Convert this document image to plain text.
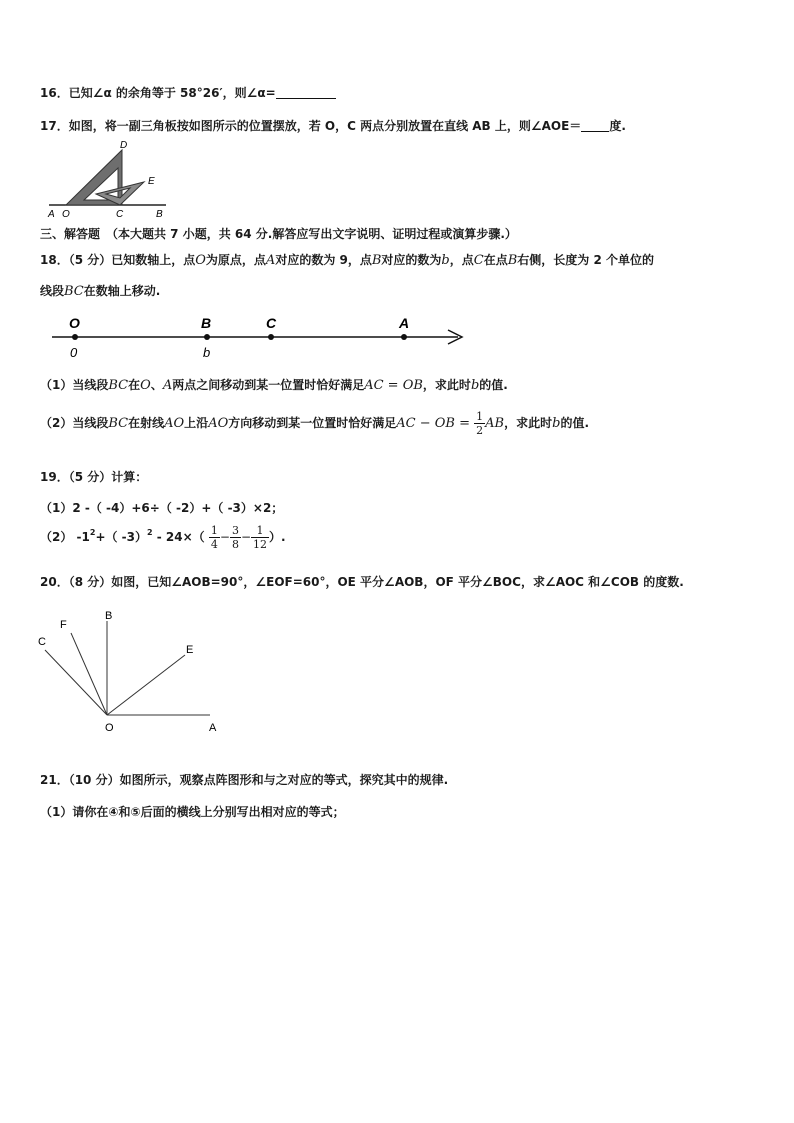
16．已知∠α 的余角等于 58°26′，则∠α=
17．如图，将一副三角板按如图所示的位置摆放，若 O，C 两点分别放置在直线 AB 上，则∠AOE＝ 度.
D
E
A O	C	B
三、解答题　（本大题共 7 小题，共 64 分.解答应写出文字说明、证明过程或演算步骤.）
18．（5 分）已知数轴上，点O为原点，点A对应的数为 9，点B对应的数为b，点C在点B右侧，长度为 2 个单位的
线段BC在数轴上移动.
O	B	C	A
0	b
（1）当线段BC在O、A两点之间移动到某一位置时恰好满足AC = OB，求此时b的值.
（2）当线段BC在射线AO上沿AO方向移动到某一位置时恰好满足AC − OB = $\frac{1}{2}$ AB，求此时b的值.
19．（5 分）计算：
（1）2 -（ -4）+6÷（ -2）+（ -3）×2；
（2） $-1^2+$（ $-3)^2 - 24\times( \frac{1}{4} - \frac{3}{8} - \frac{1}{12}$ ）.
20．（8 分）如图，已知∠AOB=90°，∠EOF=60°，OE 平分∠AOB，OF 平分∠BOC，求∠AOC 和∠COB 的度数.
B
F
C
E
O	A
21．（10 分）如图所示，观察点阵图形和与之对应的等式，探究其中的规律.
（1）请你在④和⑤后面的横线上分别写出相对应的等式；
